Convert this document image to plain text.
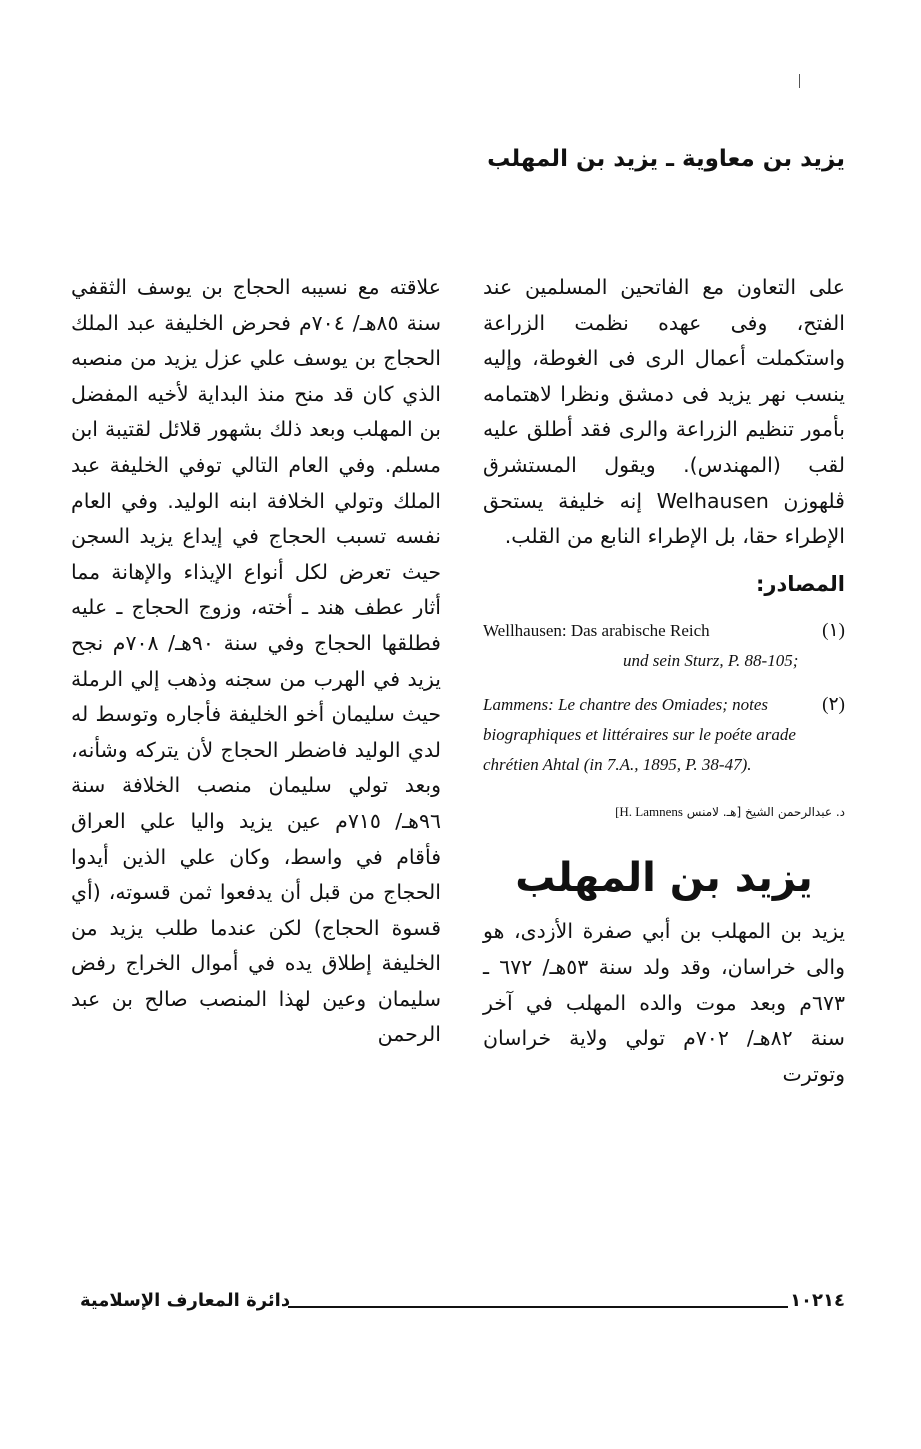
يزيد بن معاوية ـ يزيد بن المهلب

على التعاون مع الفاتحين المسلمين عند الفتح، وفى عهده نظمت الزراعة واستكملت أعمال الرى فى الغوطة، وإليه ينسب نهر يزيد فى دمشق ونظرا لاهتمامه بأمور تنظيم الزراعة والرى فقد أطلق عليه لقب (المهندس). ويقول المستشرق ڤلهوزن Welhausen إنه خليفة يستحق الإطراء حقا، بل الإطراء النابع من القلب.

المصادر:

(١)
Wellhausen: Das arabische Reich
und sein Sturz, P. 88-105;

(٢)
Lammens: Le chantre des Omiades; notes biographiques et littéraires sur le poéte arade chrétien Ahtal (in 7.A., 1895, P. 38-47).

د. عبدالرحمن الشيخ [هـ. لامنس H. Lamnens]

يزيد بن المهلب

يزيد بن المهلب بن أبي صفرة الأزدى، هو والى خراسان، وقد ولد سنة ٥٣هـ/ ٦٧٢ ـ ٦٧٣م وبعد موت والده المهلب في آخر سنة ٨٢هـ/ ٧٠٢م تولي ولاية خراسان وتوترت

علاقته مع نسيبه الحجاج بن يوسف الثقفي سنة ٨٥هـ/ ٧٠٤م فحرض الخليفة عبد الملك الحجاج بن يوسف علي عزل يزيد من منصبه الذي كان قد منح منذ البداية لأخيه المفضل بن المهلب وبعد ذلك بشهور قلائل لقتيبة ابن مسلم. وفي العام التالي توفي الخليفة عبد الملك وتولي الخلافة ابنه الوليد. وفي العام نفسه تسبب الحجاج في إيداع يزيد السجن حيث تعرض لكل أنواع الإيذاء والإهانة مما أثار عطف هند ـ أخته، وزوج الحجاج ـ عليه فطلقها الحجاج وفي سنة ٩٠هـ/ ٧٠٨م نجح يزيد في الهرب من سجنه وذهب إلي الرملة حيث سليمان أخو الخليفة فأجاره وتوسط له لدي الوليد فاضطر الحجاج لأن يتركه وشأنه، وبعد تولي سليمان منصب الخلافة سنة ٩٦هـ/ ٧١٥م عين يزيد واليا علي العراق فأقام في واسط، وكان علي الذين أيدوا الحجاج من قبل أن يدفعوا ثمن قسوته، (أي قسوة الحجاج) لكن عندما طلب يزيد من الخليفة إطلاق يده في أموال الخراج رفض سليمان وعين لهذا المنصب صالح بن عبد الرحمن

١٠٢١٤
دائرة المعارف الإسلامية
